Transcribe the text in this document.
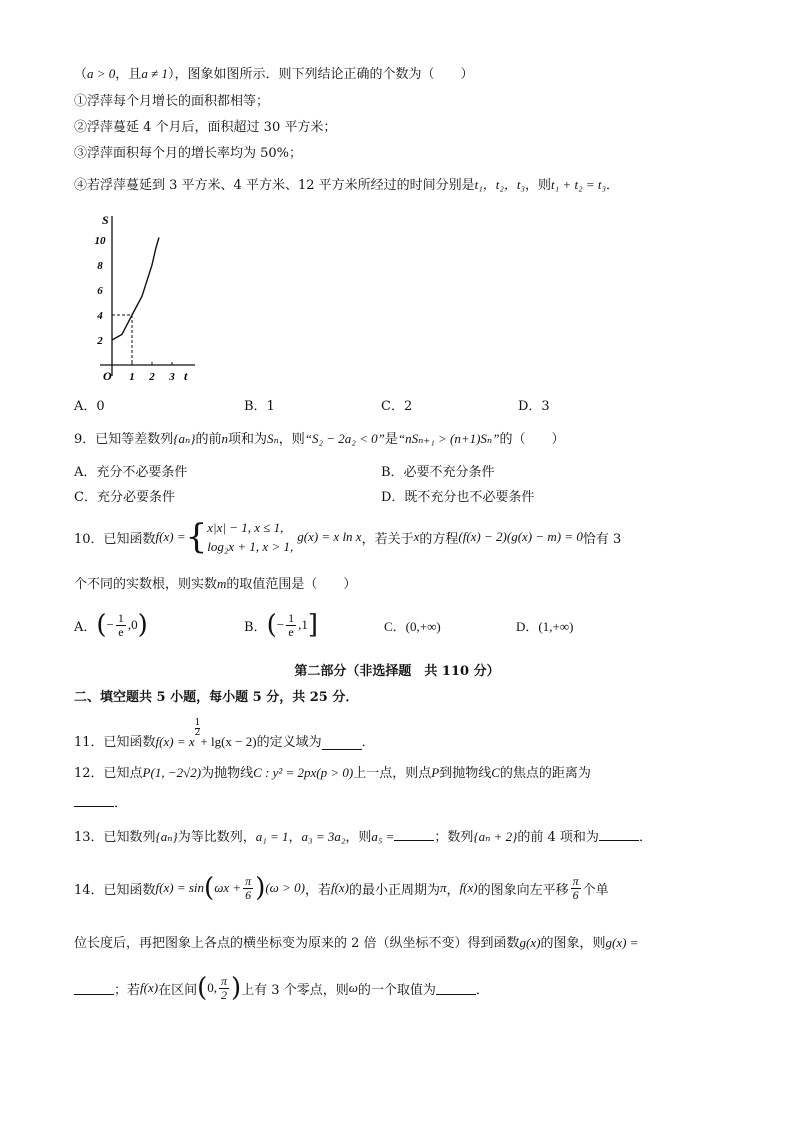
（a > 0，且a ≠ 1），图象如图所示．则下列结论正确的个数为（　　）
①浮萍每个月增长的面积都相等；
②浮萍蔓延 4 个月后，面积超过 30 平方米；
③浮萍面积每个月的增长率均为 50%；
④若浮萍蔓延到 3 平方米、4 平方米、12 平方米所经过的时间分别是t₁，t₂，t₃，则t₁ + t₂ = t₃．
S
t
O
2
4
6
8
10
1 2 3
A．0	B．1	C．2	D．3
9．已知等差数列{aₙ}的前n项和为Sₙ，则“S₂ − 2a₂ < 0”是“nSₙ₊₁ > (n+1)Sₙ”的（　　）
A．充分不必要条件	B．必要不充分条件
C．充分必要条件	D．既不充分也不必要条件
10．已知函数 f(x) = { x|x| − 1, x ≤ 1,
log₂x + 1, x > 1,
g(x) = x ln x ，若关于 x 的方程 (f(x) − 2)(g(x) − m) = 0 恰有 3
个不同的实数根，则实数m的取值范围是（　　）
A． ( − $\frac{1}{e} ,0$ )	B． ( − $\frac{1}{e} ,1$ ]	C．(0,+∞)	D．(1,+∞)
第二部分（非选择题　共 110 分）
二、填空题共 5 小题，每小题 5 分，共 25 分．
11．已知函数 f(x) = x
$\frac{1}{2}$
+ lg(x − 2) 的定义域为	．
12．已知点P(1, −2√2)为抛物线C : y² = 2px(p > 0)上一点，则点P到抛物线C的焦点的距离为
．
13．已知数列{aₙ}为等比数列，a₁ = 1，a₃ = 3a₂，则a₅ =	；数列{aₙ + 2}的前 4 项和为	．
14．已知函数 f(x) = sin ( $\omega x + \frac{\pi}{6}$ ) (ω > 0) ，若 f(x) 的最小正周期为 π ， f(x) 的图象向左平移 $\frac{\pi}{6}$ 个单
位长度后，再把图象上各点的横坐标变为原来的 2 倍（纵坐标不变）得到函数g(x)的图象，则g(x) =
；若 f(x) 在区间 ( 0, $\frac{\pi}{2}$ ) 上有 3 个零点，则 ω 的一个取值为	．
